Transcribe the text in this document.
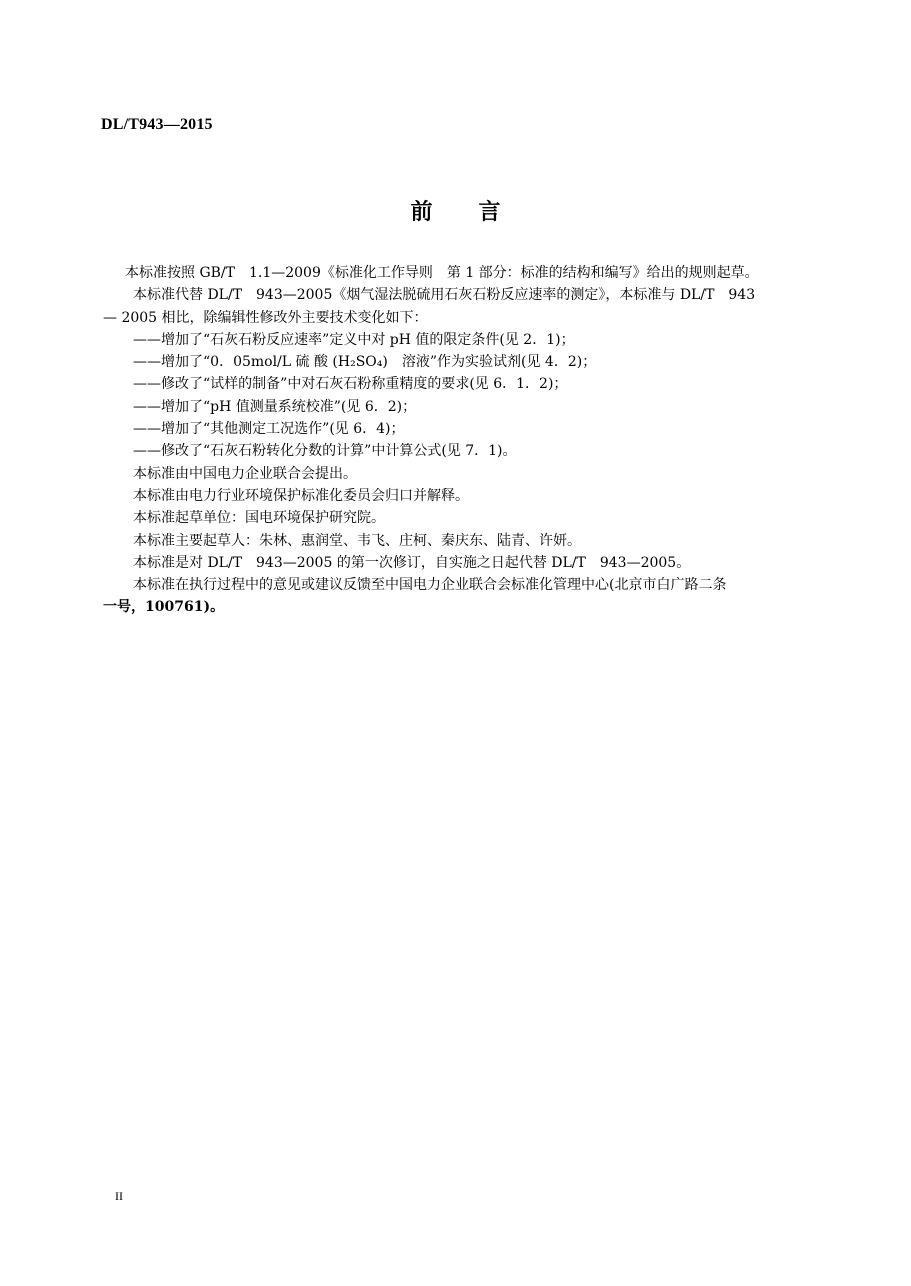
DL/T943—2015
前 言

本标准按照 GB/T　1.1—2009《标准化工作导则　第 1 部分：标准的结构和编写》给出的规则起草。

本标准代替 DL/T　943—2005《烟气湿法脱硫用石灰石粉反应速率的测定》，本标准与 DL/T　943

— 2005 相比，除编辑性修改外主要技术变化如下：

——增加了“石灰石粉反应速率”定义中对 pH 值的限定条件(见 2．1)；

——增加了“0．05mol/L 硫 酸 (H₂SO₄)　溶液”作为实验试剂(见 4．2)；

——修改了“试样的制备”中对石灰石粉称重精度的要求(见 6．1．2)；

——增加了“pH 值测量系统校准”(见 6．2)；

——增加了“其他测定工况选作”(见 6．4)；

——修改了“石灰石粉转化分数的计算”中计算公式(见 7．1)。

本标准由中国电力企业联合会提出。

本标准由电力行业环境保护标准化委员会归口并解释。

本标准起草单位：国电环境保护研究院。

本标准主要起草人：朱林、惠润堂、韦飞、庄柯、秦庆东、陆青、许妍。

本标准是对 DL/T　943—2005 的第一次修订，自实施之日起代替 DL/T　943—2005。

本标准在执行过程中的意见或建议反馈至中国电力企业联合会标准化管理中心(北京市白广路二条

一号，100761)。

II
